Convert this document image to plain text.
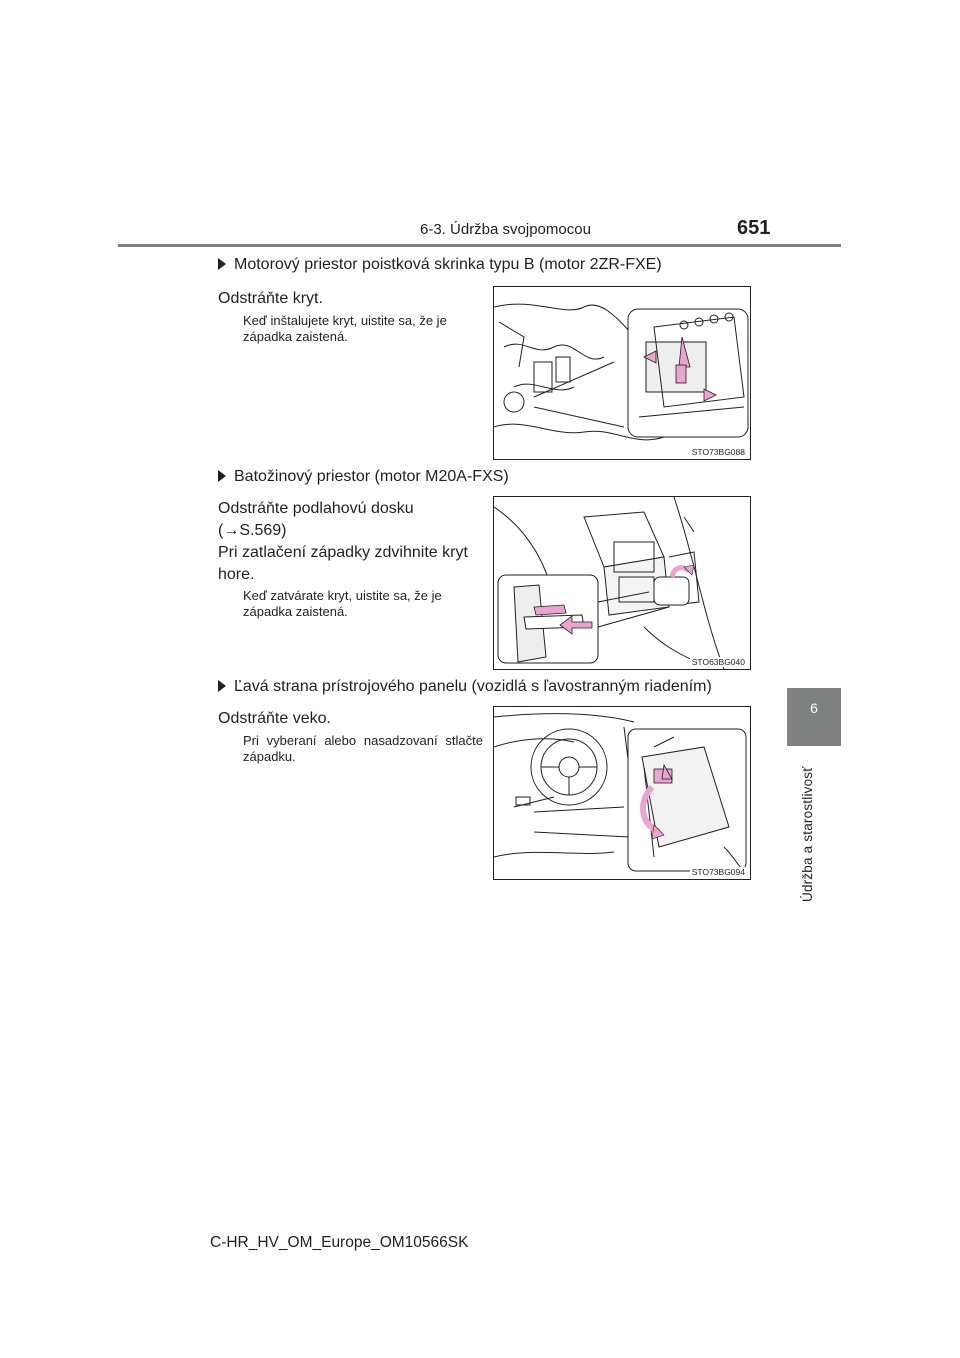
6-3. Údržba svojpomocou	651
6
Údržba a starostlivosť
Motorový priestor poistková skrinka typu B (motor 2ZR-FXE)
Odstráňte kryt.
Keď inštalujete kryt, uistite sa, že je západka zaistená.
STO73BG088
Batožinový priestor (motor M20A-FXS)
Odstráňte podlahovú dosku
(→S.569)
Pri zatlačení západky zdvihnite kryt
hore.
Keď zatvárate kryt, uistite sa, že je západka zaistená.
STO63BG040
Ľavá strana prístrojového panelu (vozidlá s ľavostranným riadením)
Odstráňte veko.
Pri vyberaní alebo nasadzovaní stlačte západku.
STO73BG094
C-HR_HV_OM_Europe_OM10566SK
